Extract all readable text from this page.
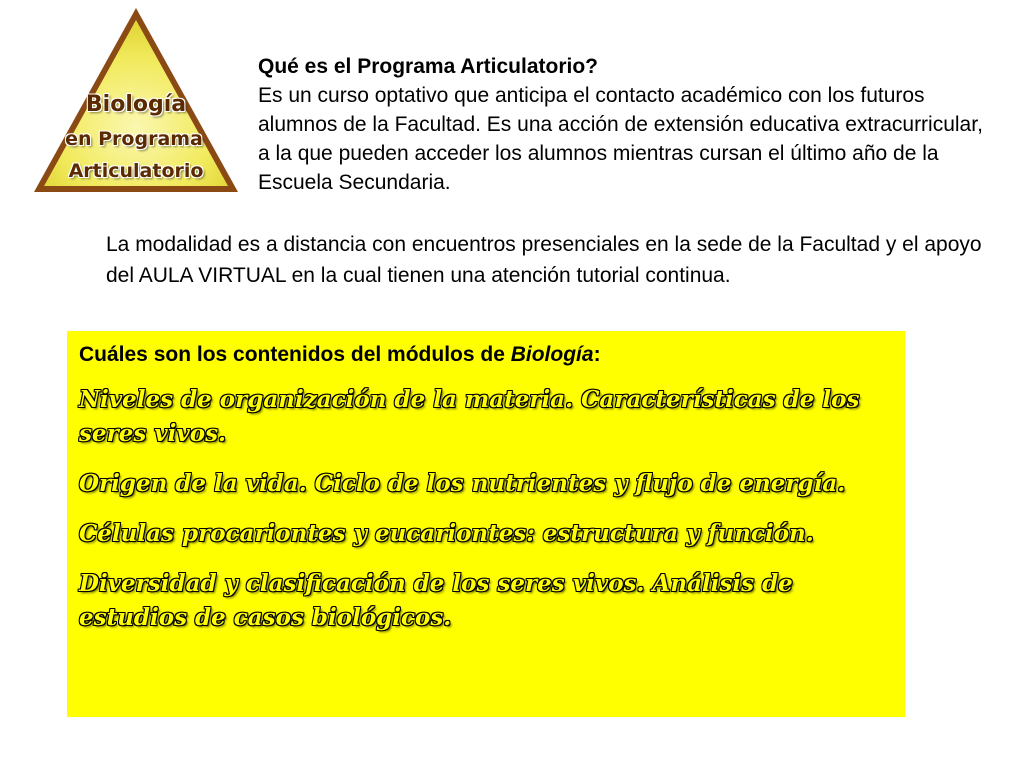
Biología
en Programa
Articulatorio
Qué es el Programa Articulatorio?
Es un curso optativo que anticipa el contacto académico con los futuros alumnos de la Facultad. Es una acción de extensión educativa extracurricular, a la que pueden acceder los alumnos mientras cursan el último año de la Escuela Secundaria.
La modalidad es a distancia con encuentros presenciales en la sede de la Facultad y el apoyo del AULA VIRTUAL en la cual tienen una atención tutorial continua.
Cuáles son los contenidos del módulos de Biología:
Niveles de organización de la materia. Características de los seres vivos.
Origen de la vida. Ciclo de los nutrientes y flujo de energía.
Células procariontes y eucariontes: estructura y función.
Diversidad y clasificación de los seres vivos. Análisis de estudios de casos biológicos.
